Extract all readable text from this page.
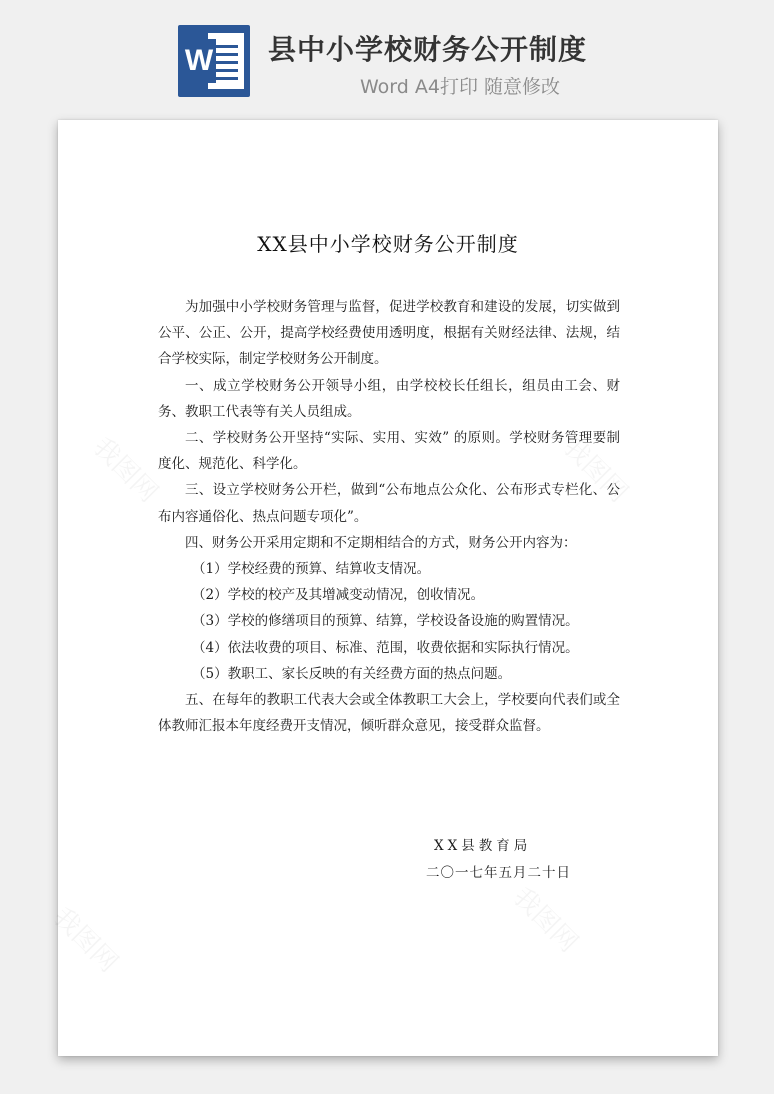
W 县中小学校财务公开制度
Word A4打印 随意修改
XX县中小学校财务公开制度

为加强中小学校财务管理与监督，促进学校教育和建设的发展，切实做到公平、公正、公开，提高学校经费使用透明度，根据有关财经法律、法规，结合学校实际，制定学校财务公开制度。

一、成立学校财务公开领导小组，由学校校长任组长，组员由工会、财务、教职工代表等有关人员组成。

二、学校财务公开坚持“实际、实用、实效” 的原则。学校财务管理要制度化、规范化、科学化。

三、设立学校财务公开栏，做到“公布地点公众化、公布形式专栏化、公布内容通俗化、热点问题专项化”。

四、财务公开采用定期和不定期相结合的方式，财务公开内容为：

（1）学校经费的预算、结算收支情况。

（2）学校的校产及其增减变动情况，创收情况。

（3）学校的修缮项目的预算、结算，学校设备设施的购置情况。

（4）依法收费的项目、标准、范围，收费依据和实际执行情况。

（5）教职工、家长反映的有关经费方面的热点问题。

五、在每年的教职工代表大会或全体教职工大会上，学校要向代表们或全体教师汇报本年度经费开支情况，倾听群众意见，接受群众监督。

XX县教育局
二〇一七年五月二十日
